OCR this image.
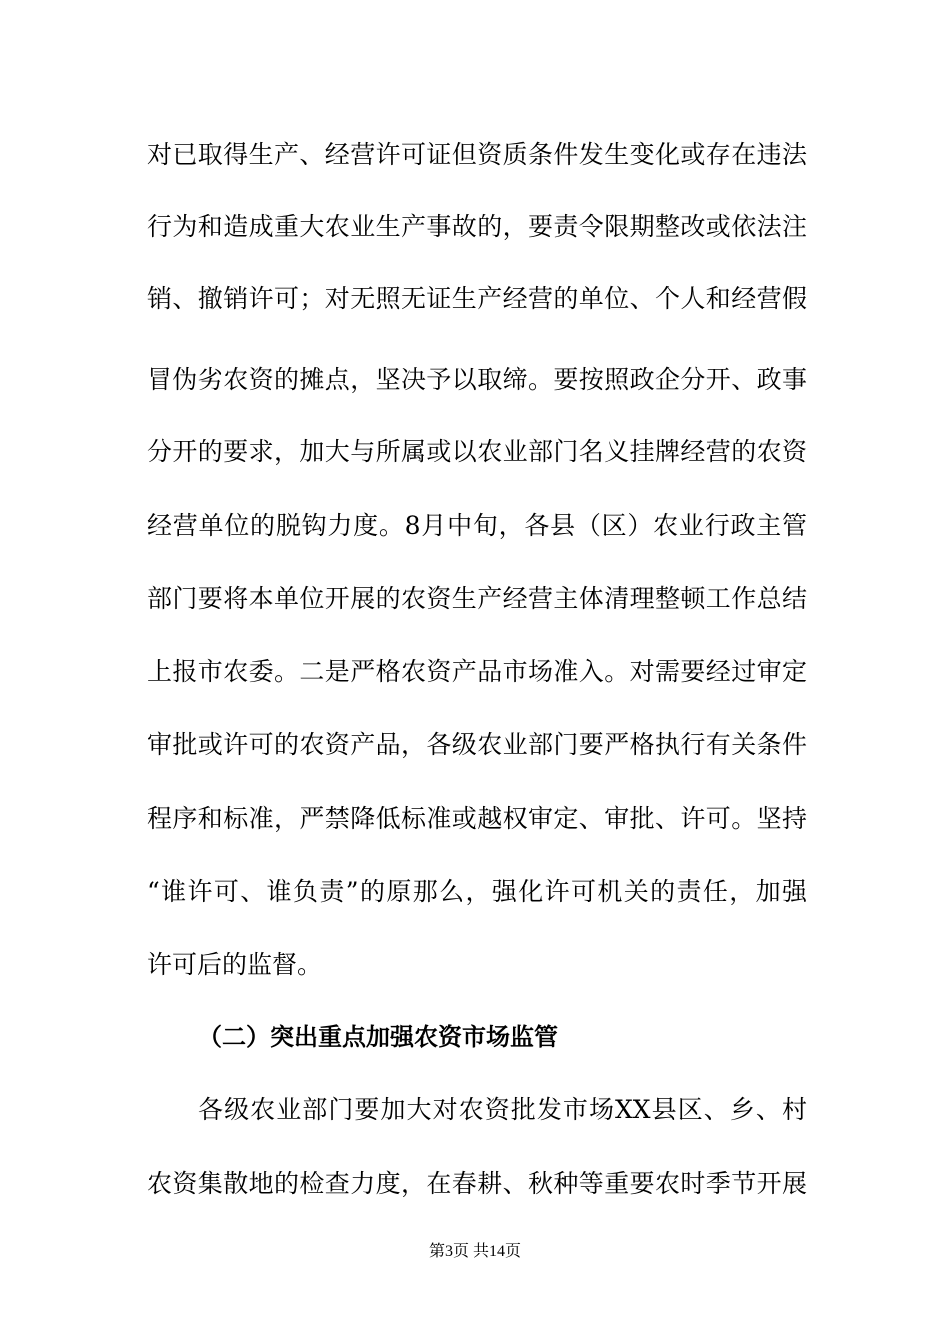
对已取得生产、经营许可证但资质条件发生变化或存在违法
行为和造成重大农业生产事故的，要责令限期整改或依法注
销、撤销许可；对无照无证生产经营的单位、个人和经营假
冒伪劣农资的摊点，坚决予以取缔。要按照政企分开、政事
分开的要求，加大与所属或以农业部门名义挂牌经营的农资
经营单位的脱钩力度。8月中旬，各县（区）农业行政主管
部门要将本单位开展的农资生产经营主体清理整顿工作总结
上报市农委。二是严格农资产品市场准入。对需要经过审定
审批或许可的农资产品，各级农业部门要严格执行有关条件
程序和标准，严禁降低标准或越权审定、审批、许可。坚持
“谁许可、谁负责”的原那么，强化许可机关的责任，加强
许可后的监督。
（二）突出重点加强农资市场监管
各级农业部门要加大对农资批发市场XX县区、乡、村
农资集散地的检查力度，在春耕、秋种等重要农时季节开展
第3页 共14页
